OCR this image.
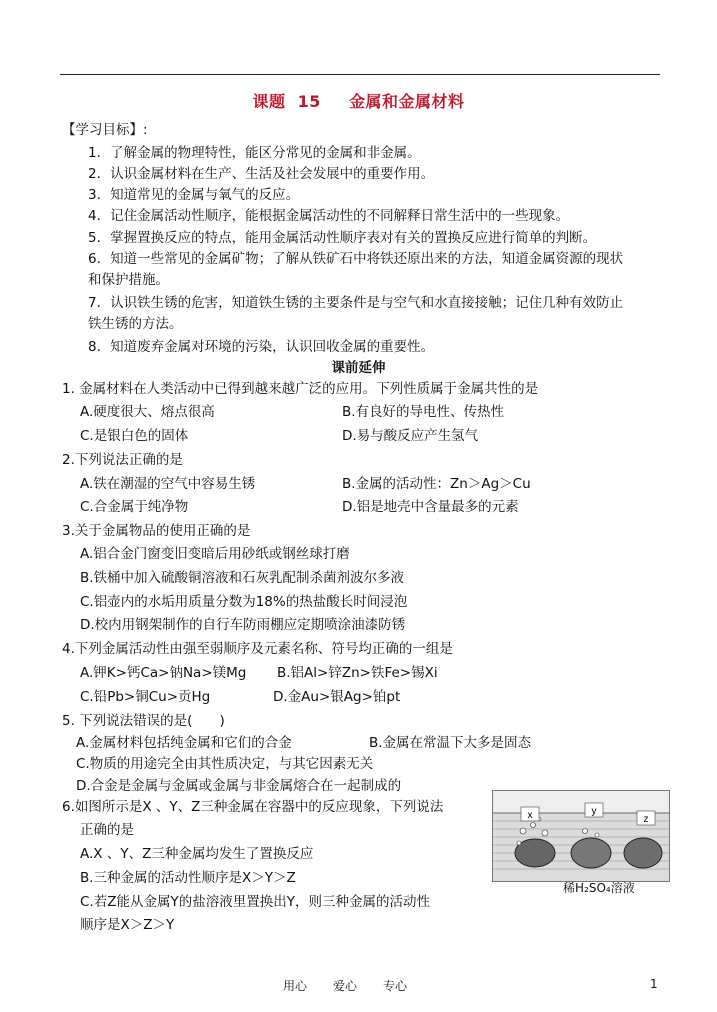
课题 15 金属和金属材料
【学习目标】:
1．了解金属的物理特性，能区分常见的金属和非金属。
2．认识金属材料在生产、生活及社会发展中的重要作用。
3．知道常见的金属与氧气的反应。
4．记住金属活动性顺序，能根据金属活动性的不同解释日常生活中的一些现象。
5．掌握置换反应的特点，能用金属活动性顺序表对有关的置换反应进行简单的判断。
6．知道一些常见的金属矿物；了解从铁矿石中将铁还原出来的方法，知道金属资源的现状
和保护措施。
7．认识铁生锈的危害，知道铁生锈的主要条件是与空气和水直接接触；记住几种有效防止
铁生锈的方法。
8．知道废弃金属对环境的污染，认识回收金属的重要性。
课前延伸
1. 金属材料在人类活动中已得到越来越广泛的应用。下列性质属于金属共性的是
A.硬度很大、熔点很高	B.有良好的导电性、传热性
C.是银白色的固体	D.易与酸反应产生氢气
2.下列说法正确的是
A.铁在潮湿的空气中容易生锈	B.金属的活动性：Zn＞Ag＞Cu
C.合金属于纯净物	D.铝是地壳中含量最多的元素
3.关于金属物品的使用正确的是
A.铝合金门窗变旧变暗后用砂纸或钢丝球打磨
B.铁桶中加入硫酸铜溶液和石灰乳配制杀菌剂波尔多液
C.铝壶内的水垢用质量分数为18%的热盐酸长时间浸泡
D.校内用钢架制作的自行车防雨棚应定期喷涂油漆防锈
4.下列金属活动性由强至弱顺序及元素名称、符号均正确的一组是
A.钾K>钙Ca>钠Na>镁Mg B.铝Al>锌Zn>铁Fe>锡Xi
C.铅Pb>铜Cu>贡Hg	D.金Au>银Ag>铂pt
5. 下列说法错误的是(　　)
A.金属材料包括纯金属和它们的合金	B.金属在常温下大多是固态
C.物质的用途完全由其性质决定，与其它因素无关
D.合金是金属与金属或金属与非金属熔合在一起制成的
6.如图所示是X 、Y、Z三种金属在容器中的反应现象，下列说法
正确的是
A.X 、Y、Z三种金属均发生了置换反应
B.三种金属的活动性顺序是X＞Y＞Z
C.若Z能从金属Y的盐溶液里置换出Y，则三种金属的活动性
顺序是X＞Z＞Y
x	y
z
稀H₂SO₄溶液
用心 爱心 专心	1
